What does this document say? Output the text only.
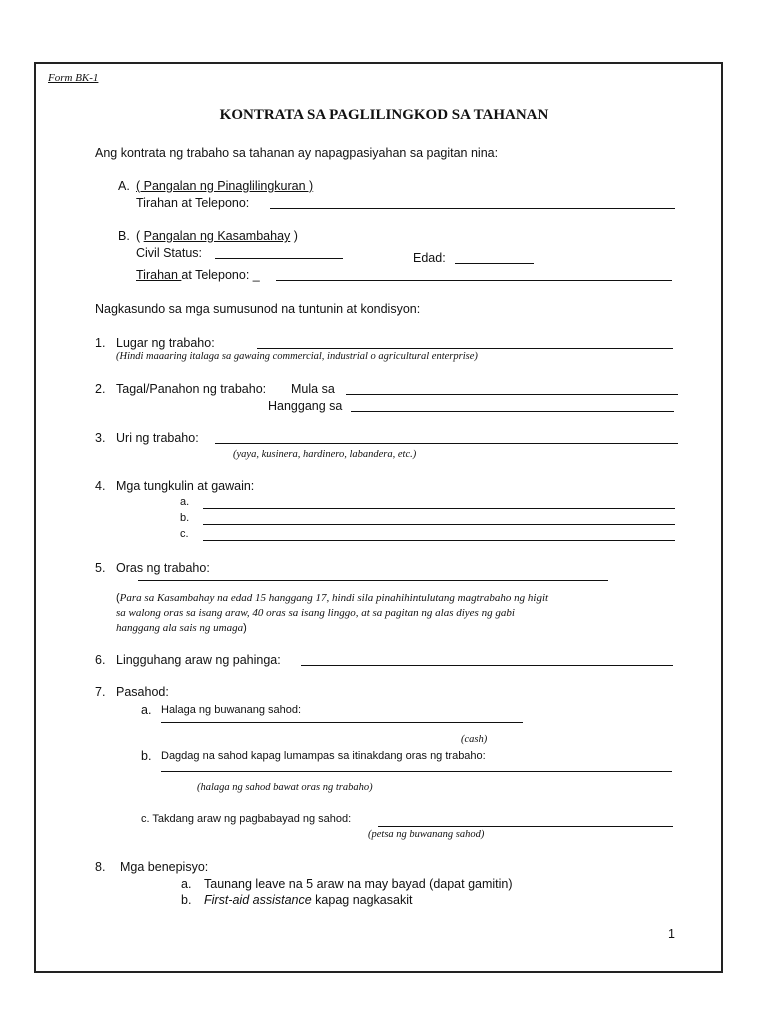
Form BK-1
KONTRATA SA PAGLILINGKOD SA TAHANAN
Ang kontrata ng trabaho sa tahanan ay napagpasiyahan sa pagitan nina:
A. ( Pangalan ng Pinaglilingkuran )
Tirahan at Telepono:
B. ( Pangalan ng Kasambahay )
Civil Status:	Edad:
Tirahan at Telepono: _
Nagkasundo sa mga sumusunod na tuntunin at kondisyon:
1. Lugar ng trabaho:
(Hindi maaaring italaga sa gawaing commercial, industrial o agricultural enterprise)
2. Tagal/Panahon ng trabaho: Mula sa
Hanggang sa
3. Uri ng trabaho:
(yaya, kusinera, hardinero, labandera, etc.)
4. Mga tungkulin at gawain:
a.
b.
c.
5. Oras ng trabaho:
(Para sa Kasambahay na edad 15 hanggang 17, hindi sila pinahihintulutang magtrabaho ng higit
sa walong oras sa isang araw, 40 oras sa isang linggo, at sa pagitan ng alas diyes ng gabi
hanggang ala sais ng umaga)
6. Lingguhang araw ng pahinga:
7. Pasahod:
a. Halaga ng buwanang sahod:
(cash)
b. Dagdag na sahod kapag lumampas sa itinakdang oras ng trabaho:
(halaga ng sahod bawat oras ng trabaho)
c. Takdang araw ng pagbabayad ng sahod:
(petsa ng buwanang sahod)
8. Mga benepisyo:
a. Taunang leave na 5 araw na may bayad (dapat gamitin)
b. First-aid assistance kapag nagkasakit
1
